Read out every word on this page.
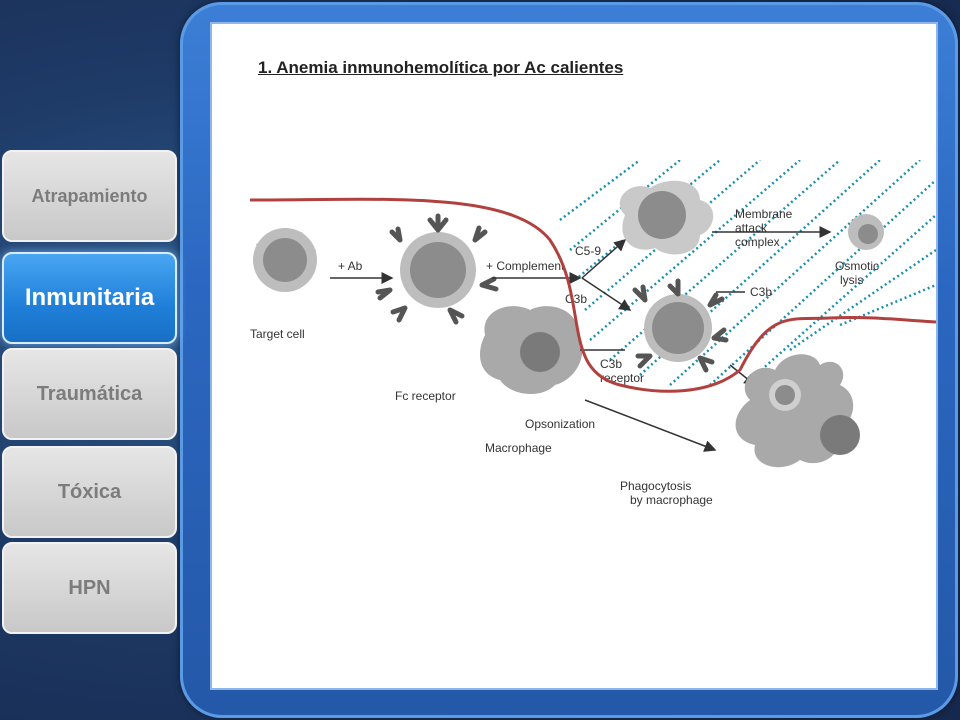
1. Anemia inmunohemolítica por Ac calientes
Atrapamiento
Inmunitaria
Traumática
Tóxica
HPN
Target cell
+ Ab	+ Complement
C5-9
C3b
Membrane
attack
complex
Osmotic
lysis
C3b
Fc receptor
C3b
receptor
Opsonization
Macrophage
Phagocytosis
by macrophage
